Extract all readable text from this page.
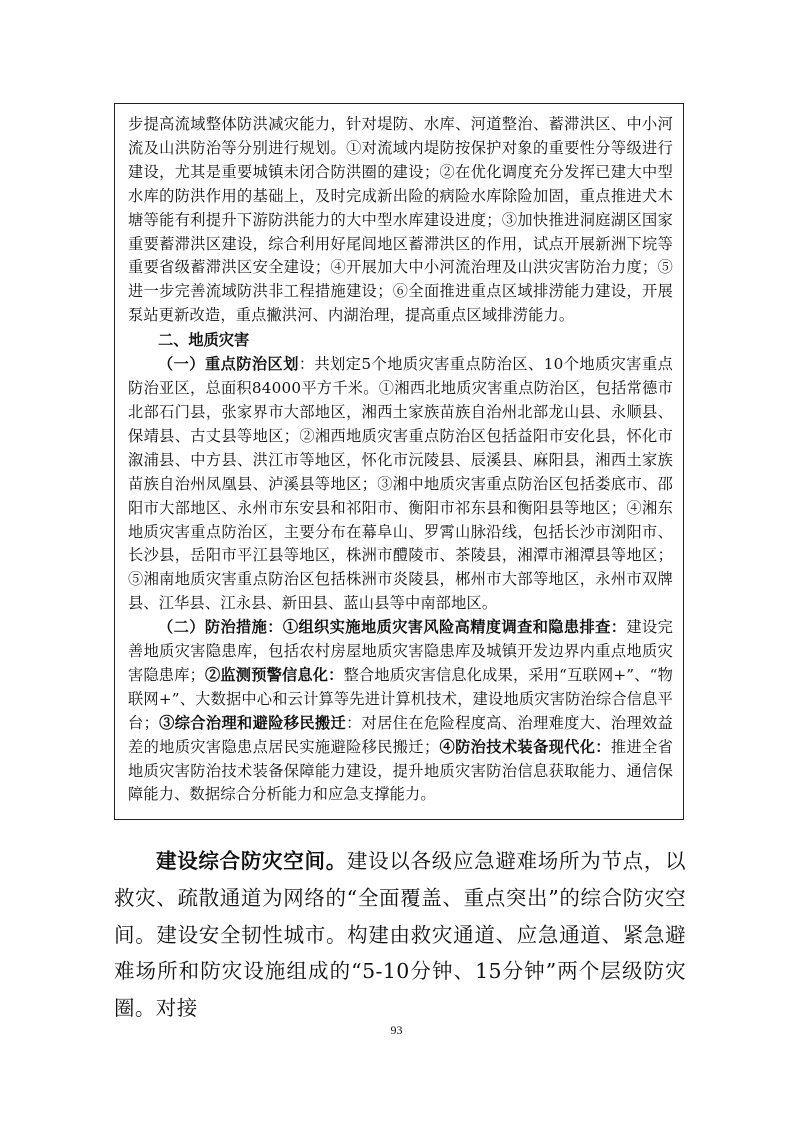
步提高流域整体防洪减灾能力，针对堤防、水库、河道整治、蓄滞洪区、中小河流及山洪防治等分别进行规划。①对流域内堤防按保护对象的重要性分等级进行建设，尤其是重要城镇未闭合防洪圈的建设；②在优化调度充分发挥已建大中型水库的防洪作用的基础上，及时完成新出险的病险水库除险加固，重点推进犬木塘等能有利提升下游防洪能力的大中型水库建设进度；③加快推进洞庭湖区国家重要蓄滞洪区建设，综合利用好尾闾地区蓄滞洪区的作用，试点开展新洲下垸等重要省级蓄滞洪区安全建设；④开展加大中小河流治理及山洪灾害防治力度；⑤进一步完善流域防洪非工程措施建设；⑥全面推进重点区域排涝能力建设，开展泵站更新改造，重点撇洪河、内湖治理，提高重点区域排涝能力。

二、地质灾害

（一）重点防治区划：共划定5个地质灾害重点防治区、10个地质灾害重点防治亚区，总面积84000平方千米。①湘西北地质灾害重点防治区，包括常德市北部石门县，张家界市大部地区，湘西土家族苗族自治州北部龙山县、永顺县、保靖县、古丈县等地区；②湘西地质灾害重点防治区包括益阳市安化县，怀化市溆浦县、中方县、洪江市等地区，怀化市沅陵县、辰溪县、麻阳县，湘西土家族苗族自治州凤凰县、泸溪县等地区；③湘中地质灾害重点防治区包括娄底市、邵阳市大部地区、永州市东安县和祁阳市、衡阳市祁东县和衡阳县等地区；④湘东地质灾害重点防治区，主要分布在幕阜山、罗霄山脉沿线，包括长沙市浏阳市、长沙县，岳阳市平江县等地区，株洲市醴陵市、茶陵县，湘潭市湘潭县等地区；⑤湘南地质灾害重点防治区包括株洲市炎陵县，郴州市大部等地区，永州市双牌县、江华县、江永县、新田县、蓝山县等中南部地区。

（二）防治措施：①组织实施地质灾害风险高精度调查和隐患排查：建设完善地质灾害隐患库，包括农村房屋地质灾害隐患库及城镇开发边界内重点地质灾害隐患库；②监测预警信息化：整合地质灾害信息化成果，采用“互联网+”、“物联网+”、大数据中心和云计算等先进计算机技术，建设地质灾害防治综合信息平台；③综合治理和避险移民搬迁：对居住在危险程度高、治理难度大、治理效益差的地质灾害隐患点居民实施避险移民搬迁；④防治技术装备现代化：推进全省地质灾害防治技术装备保障能力建设，提升地质灾害防治信息获取能力、通信保障能力、数据综合分析能力和应急支撑能力。

建设综合防灾空间。建设以各级应急避难场所为节点，以救灾、疏散通道为网络的“全面覆盖、重点突出”的综合防灾空间。建设安全韧性城市。构建由救灾通道、应急通道、紧急避难场所和防灾设施组成的“5-10分钟、15分钟”两个层级防灾圈。对接

93
